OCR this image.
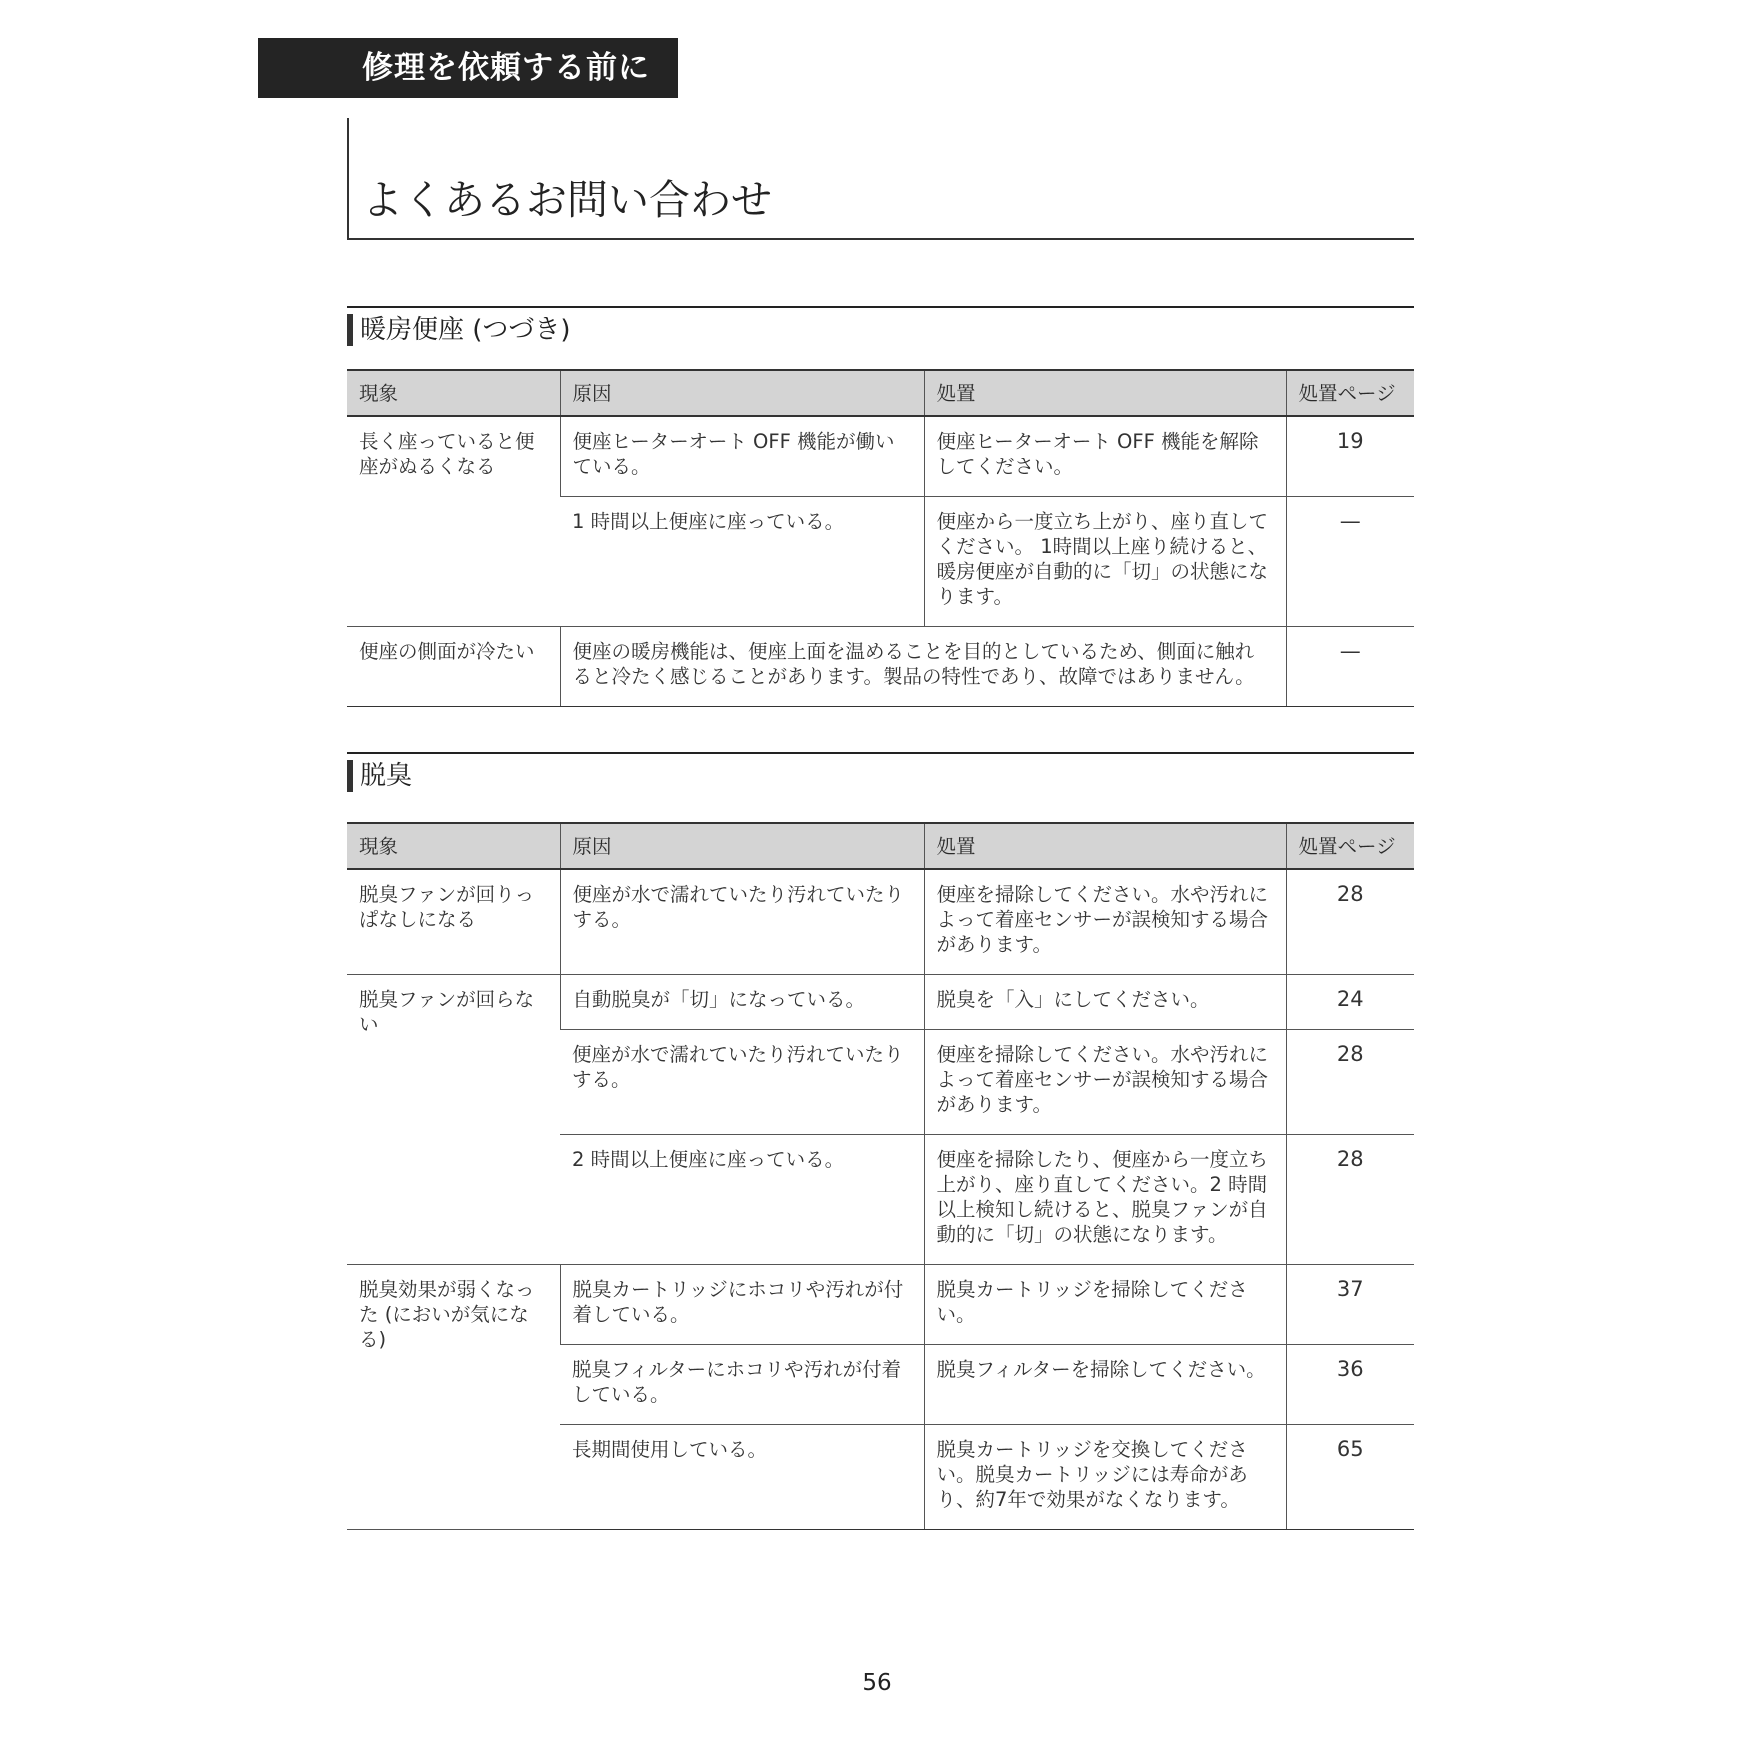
修理を依頼する前に
よくあるお問い合わせ
暖房便座 (つづき)
現象	原因	処置	処置ページ
長く座っていると便座がぬるくなる	便座ヒーターオート OFF 機能が働いている。	便座ヒーターオート OFF 機能を解除してください。	19
	1 時間以上便座に座っている。	便座から一度立ち上がり、座り直してください。 1時間以上座り続けると、暖房便座が自動的に「切」の状態になります。	—
便座の側面が冷たい	便座の暖房機能は、便座上面を温めることを目的としているため、側面に触れると冷たく感じることがあります。製品の特性であり、故障ではありません。		—
脱臭
現象	原因	処置	処置ページ
脱臭ファンが回りっぱなしになる	便座が水で濡れていたり汚れていたりする。	便座を掃除してください。水や汚れによって着座センサーが誤検知する場合があります。	28
脱臭ファンが回らない	自動脱臭が「切」になっている。	脱臭を「入」にしてください。	24
	便座が水で濡れていたり汚れていたりする。	便座を掃除してください。水や汚れによって着座センサーが誤検知する場合があります。	28
	2 時間以上便座に座っている。	便座を掃除したり、便座から一度立ち上がり、座り直してください。2 時間以上検知し続けると、脱臭ファンが自動的に「切」の状態になります。	28
脱臭効果が弱くなった (においが気になる)	脱臭カートリッジにホコリや汚れが付着している。	脱臭カートリッジを掃除してください。	37
	脱臭フィルターにホコリや汚れが付着している。	脱臭フィルターを掃除してください。	36
	長期間使用している。	脱臭カートリッジを交換してください。脱臭カートリッジには寿命があり、約7年で効果がなくなります。	65
56
